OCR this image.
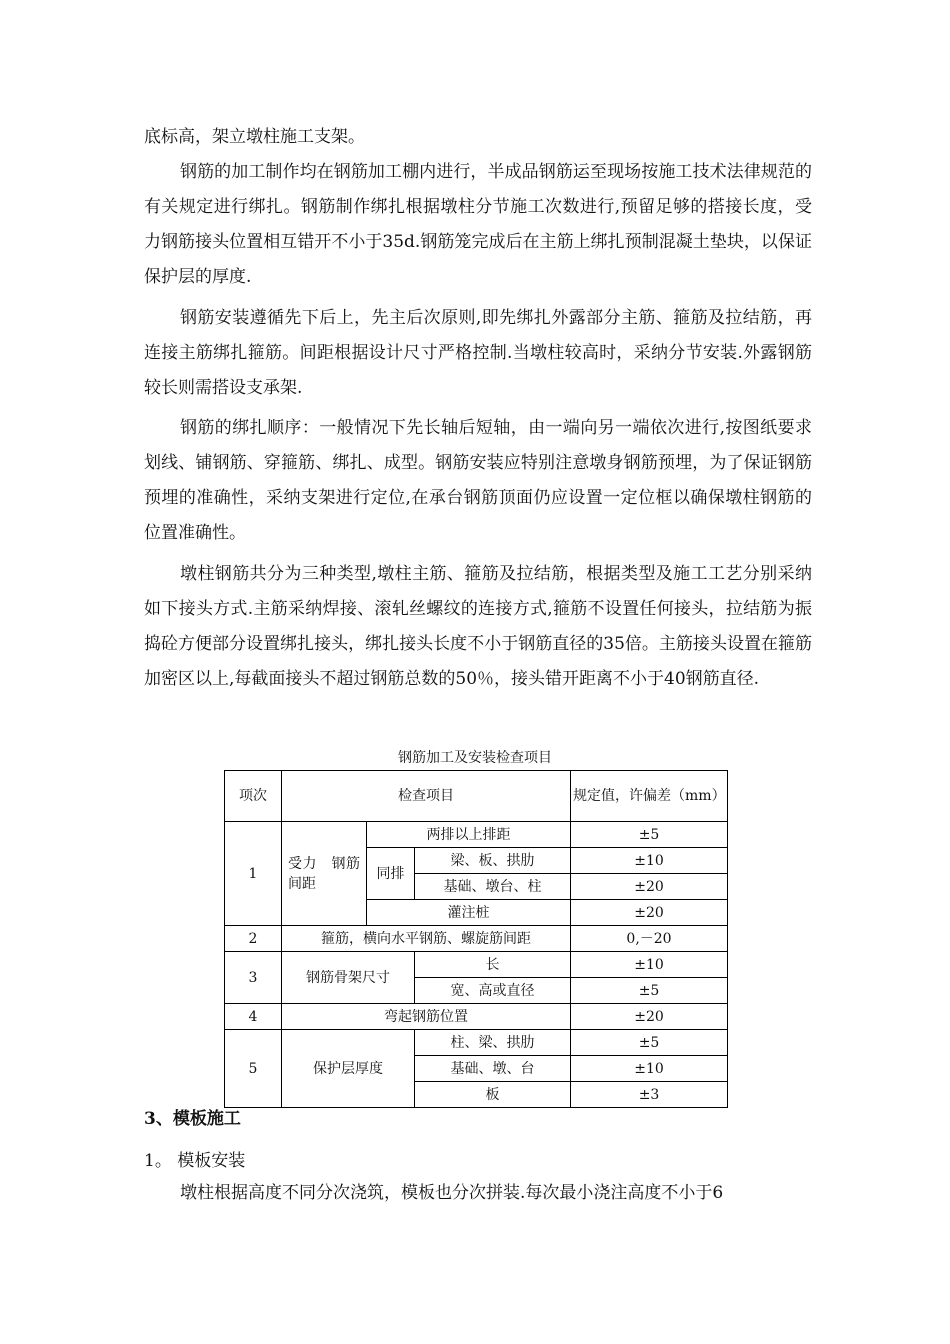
底标高，架立墩柱施工支架。

钢筋的加工制作均在钢筋加工棚内进行，半成品钢筋运至现场按施工技术法律规范的有关规定进行绑扎。钢筋制作绑扎根据墩柱分节施工次数进行,预留足够的搭接长度，受力钢筋接头位置相互错开不小于35d.钢筋笼完成后在主筋上绑扎预制混凝土垫块，以保证保护层的厚度.

钢筋安装遵循先下后上，先主后次原则,即先绑扎外露部分主筋、箍筋及拉结筋，再连接主筋绑扎箍筋。间距根据设计尺寸严格控制.当墩柱较高时，采纳分节安装.外露钢筋较长则需搭设支承架.

钢筋的绑扎顺序：一般情况下先长轴后短轴，由一端向另一端依次进行,按图纸要求划线、铺钢筋、穿箍筋、绑扎、成型。钢筋安装应特别注意墩身钢筋预埋，为了保证钢筋预埋的准确性，采纳支架进行定位,在承台钢筋顶面仍应设置一定位框以确保墩柱钢筋的位置准确性。

墩柱钢筋共分为三种类型,墩柱主筋、箍筋及拉结筋，根据类型及施工工艺分别采纳如下接头方式.主筋采纳焊接、滚轧丝螺纹的连接方式,箍筋不设置任何接头，拉结筋为振捣砼方便部分设置绑扎接头，绑扎接头长度不小于钢筋直径的35倍。主筋接头设置在箍筋加密区以上,每截面接头不超过钢筋总数的50％，接头错开距离不小于40钢筋直径.

钢筋加工及安装检查项目
项次	检查项目			规定值，许偏差（mm）
1	受力　钢筋　间距	两排以上排距		±5
		同排	梁、板、拱肋	±10
			基础、墩台、柱	±20
		灌注桩		±20
2	箍筋，横向水平钢筋、螺旋筋间距			0,－20
3	钢筋骨架尺寸		长	±10
			宽、高或直径	±5
4	弯起钢筋位置			±20
5	保护层厚度		柱、梁、拱肋	±5
			基础、墩、台	±10
			板	±3
3、模板施工
1。 模板安装
墩柱根据高度不同分次浇筑，模板也分次拼装.每次最小浇注高度不小于6
